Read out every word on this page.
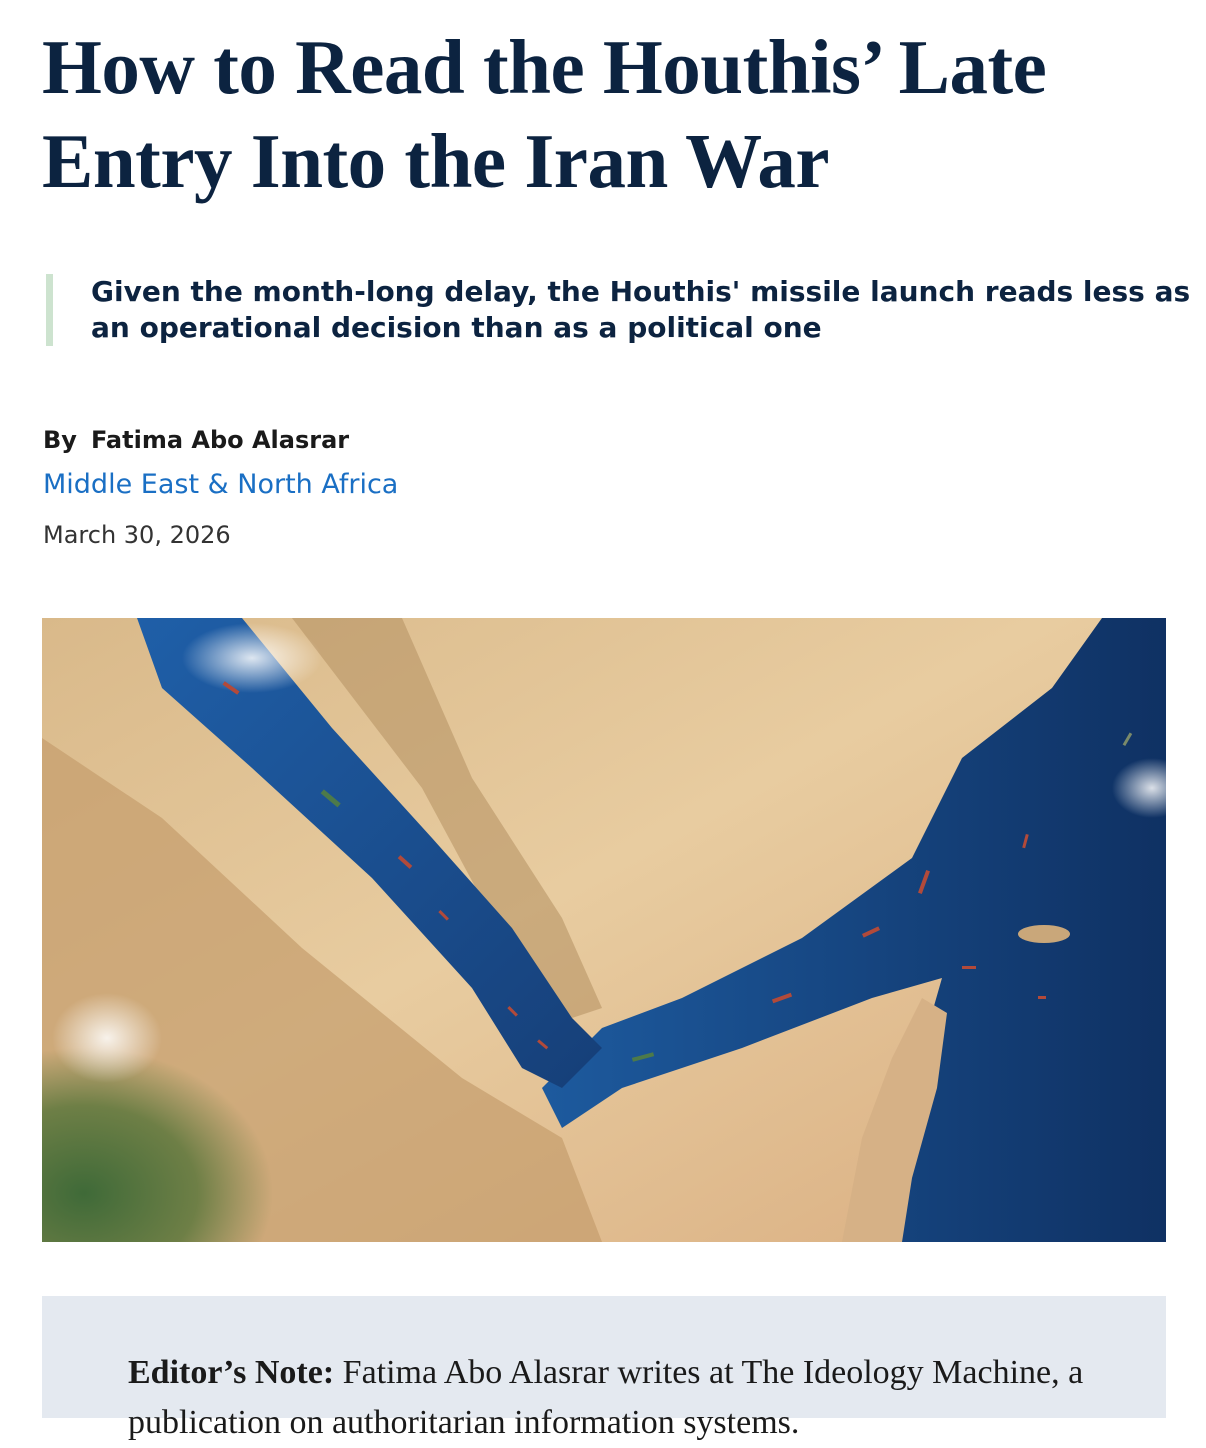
How to Read the Houthis’ Late Entry Into the Iran War

Given the month-long delay, the Houthis' missile launch reads less as an operational decision than as a political one

By Fatima Abo Alasrar
Middle East & North Africa
March 30, 2026

Editor’s Note: Fatima Abo Alasrar writes at The Ideology Machine, a publication on authoritarian information systems.
